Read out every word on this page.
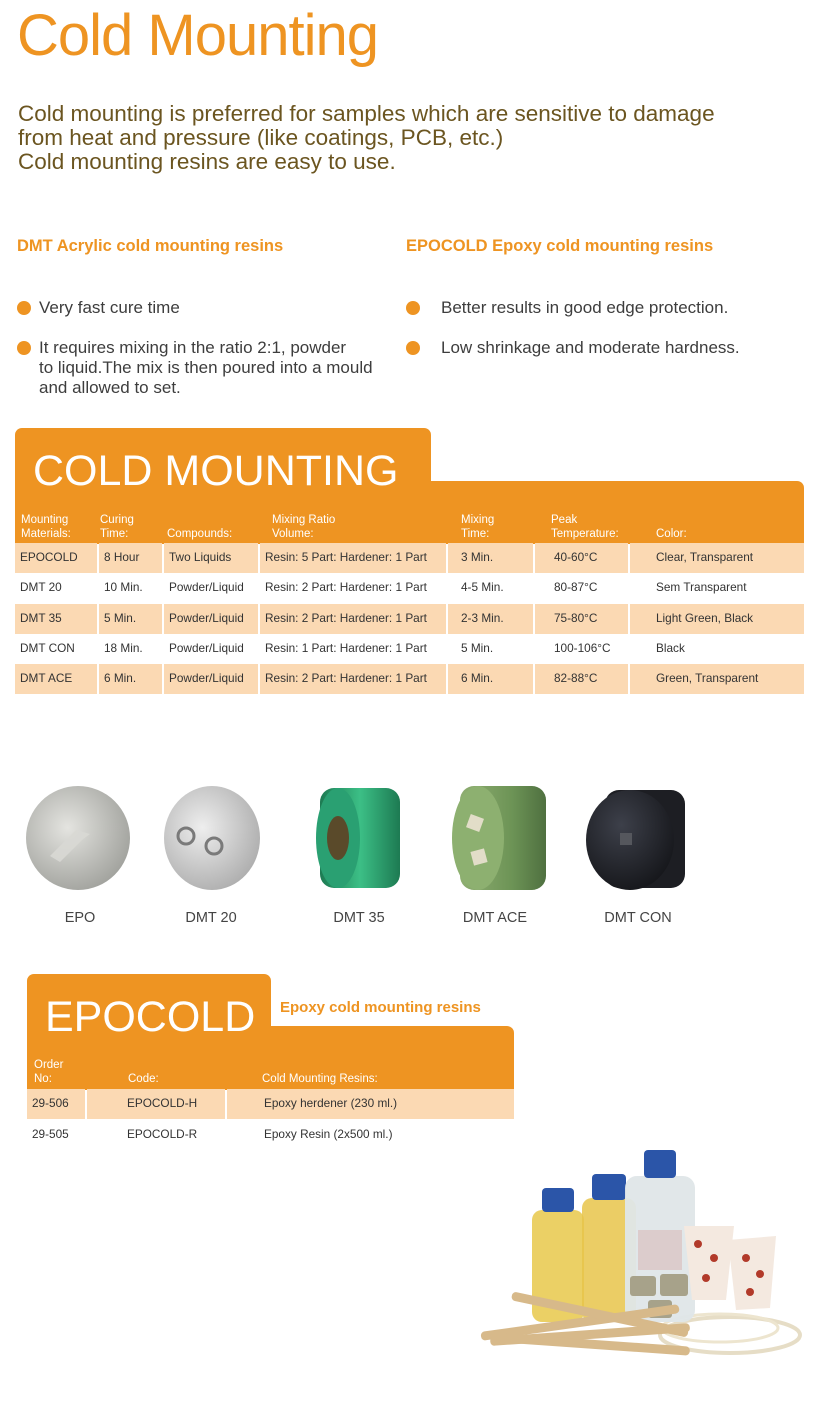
Cold Mounting
Cold mounting is preferred for samples which are sensitive to damage
from heat and pressure (like coatings, PCB, etc.)
Cold mounting resins are easy to use.
DMT Acrylic cold mounting resins	EPOCOLD Epoxy cold mounting resins
Very fast cure time
It requires mixing in the ratio 2:1, powder
to liquid.The mix is then poured into a mould
and allowed to set.
Better results in good edge protection.
Low shrinkage and moderate hardness.
COLD MOUNTING
Mounting
Materials:
Curing
Time:	Compounds:
Mixing Ratio
Volume:
Mixing
Time:
Peak
Temperature:	Color:
EPOCOLD	8 Hour	Two Liquids	Resin: 5 Part: Hardener: 1 Part	3 Min.	40-60°C	Clear, Transparent
DMT 20	10 Min.	Powder/Liquid	Resin: 2 Part: Hardener: 1 Part	4-5 Min.	80-87°C	Sem Transparent
DMT 35	5 Min.	Powder/Liquid	Resin: 2 Part: Hardener: 1 Part	2-3 Min.	75-80°C	Light Green, Black
DMT CON	18 Min.	Powder/Liquid	Resin: 1 Part: Hardener: 1 Part	5 Min.	100-106°C	Black
DMT ACE	6 Min.	Powder/Liquid	Resin: 2 Part: Hardener: 1 Part	6 Min.	82-88°C	Green, Transparent
EPO	DMT 20	DMT 35	DMT ACE	DMT CON
EPOCOLD Epoxy cold mounting resins
Order
No:	Code:	Cold Mounting Resins:
29-506	EPOCOLD-H	Epoxy herdener (230 ml.)
29-505	EPOCOLD-R	Epoxy Resin (2x500 ml.)
